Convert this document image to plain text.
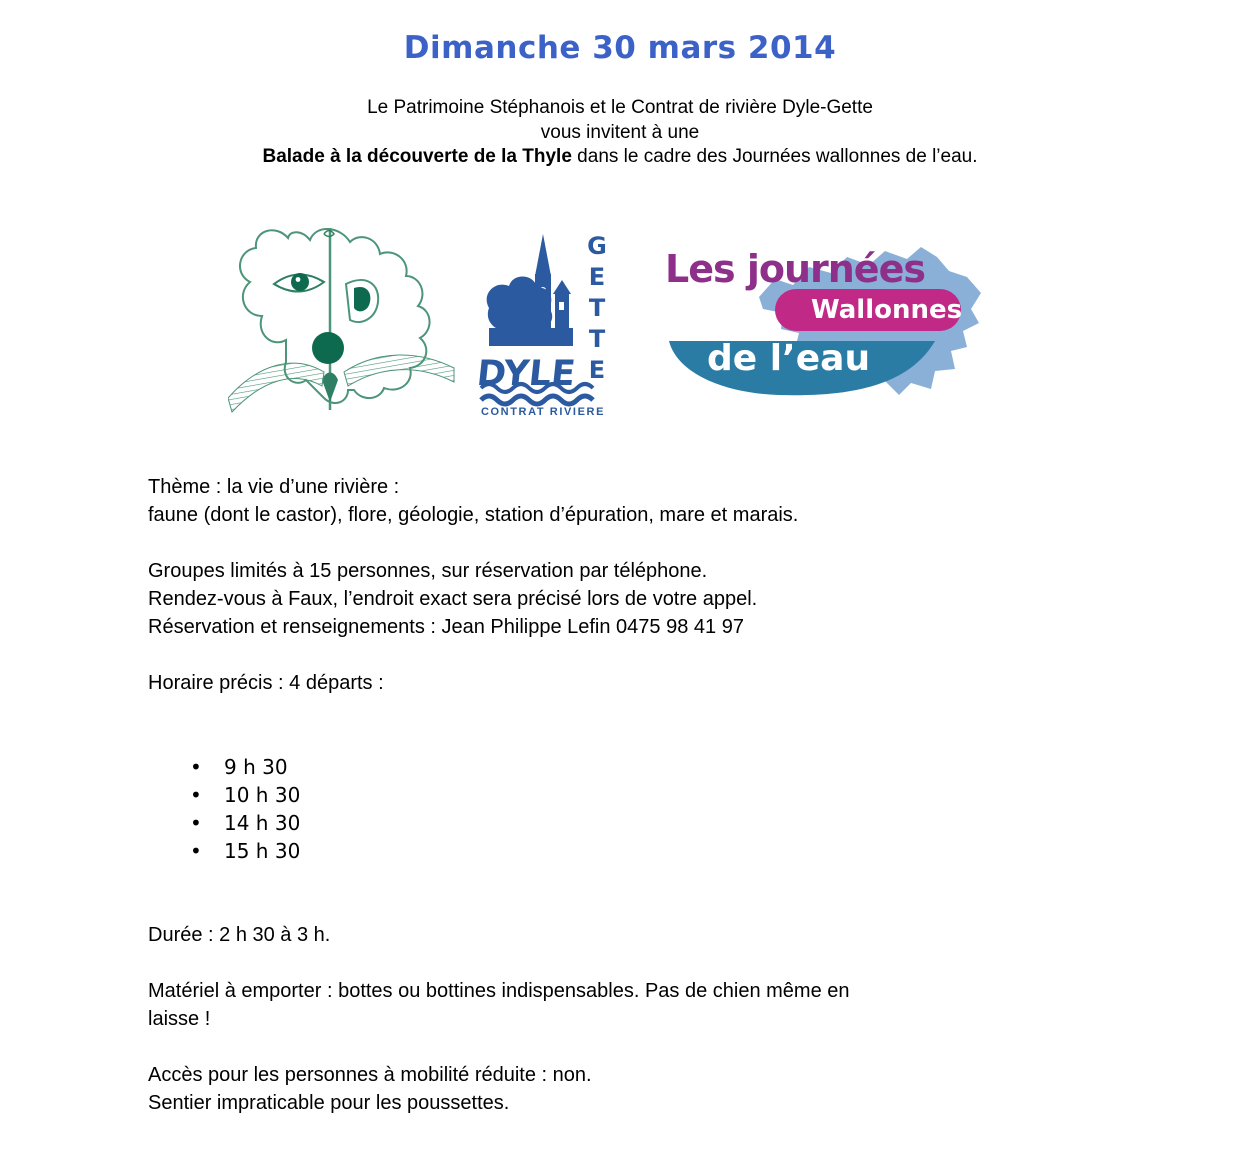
Dimanche 30 mars 2014
Le Patrimoine Stéphanois et le Contrat de rivière Dyle-Gette
vous invitent à une
Balade à la découverte de la Thyle dans le cadre des Journées wallonnes de l’eau.
GETTE
DYLE
CONTRAT RIVIERE
Les journées
Wallonnes
de l’eau
Thème : la vie d’une rivière :
faune (dont le castor), flore, géologie, station d’épuration, mare et marais.
Groupes limités à 15 personnes, sur réservation par téléphone.
Rendez-vous à Faux, l’endroit exact sera précisé lors de votre appel.
Réservation et renseignements : Jean Philippe Lefin 0475 98 41 97
Horaire précis : 4 départs :
• 9 h 30
• 10 h 30
• 14 h 30
• 15 h 30
Durée : 2 h 30 à 3 h.
Matériel à emporter : bottes ou bottines indispensables. Pas de chien même en
laisse !
Accès pour les personnes à mobilité réduite : non.
Sentier impraticable pour les poussettes.
